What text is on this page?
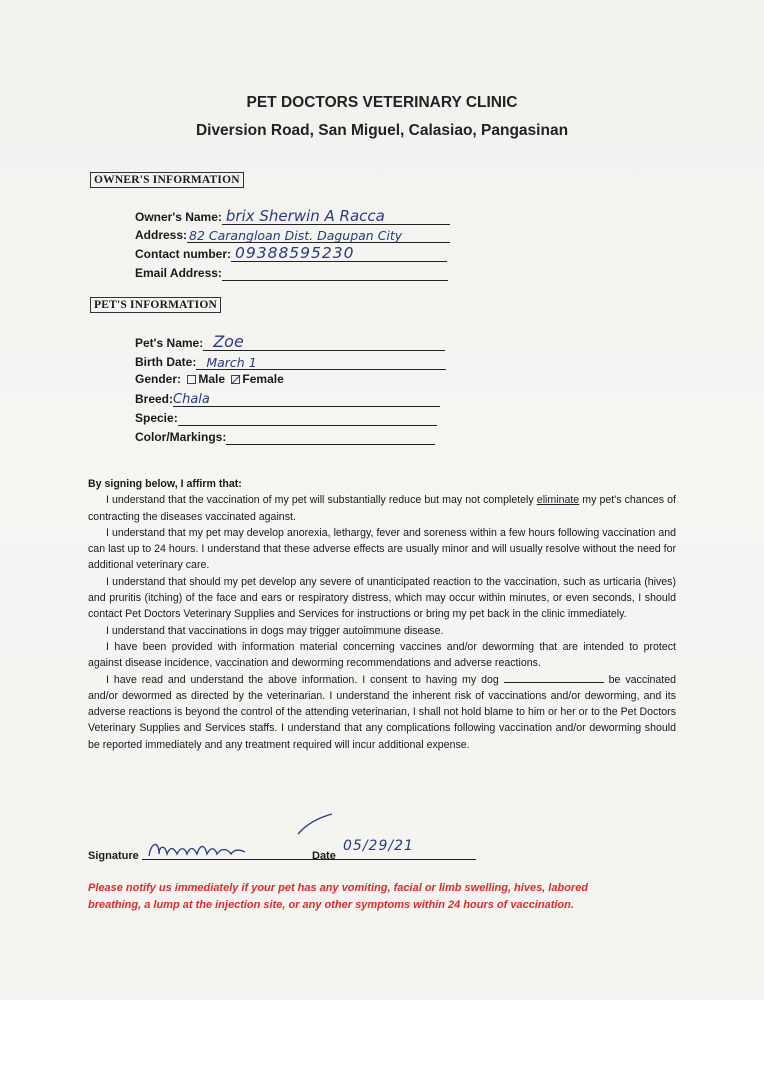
PET DOCTORS VETERINARY CLINIC
Diversion Road, San Miguel, Calasiao, Pangasinan
OWNER'S INFORMATION
Owner's Name: brix Sherwin A Racca
Address: 82 Carangloan Dist. Dagupan City
Contact number: 09388595230
Email Address:
PET'S INFORMATION
Pet's Name: Zoe
Birth Date: March 1
Gender: Male Female
Breed: Chala
Specie:
Color/Markings:
By signing below, I affirm that:

I understand that the vaccination of my pet will substantially reduce but may not completely eliminate my pet's chances of contracting the diseases vaccinated against.

I understand that my pet may develop anorexia, lethargy, fever and soreness within a few hours following vaccination and can last up to 24 hours. I understand that these adverse effects are usually minor and will usually resolve without the need for additional veterinary care.

I understand that should my pet develop any severe of unanticipated reaction to the vaccination, such as urticaria (hives) and pruritis (itching) of the face and ears or respiratory distress, which may occur within minutes, or even seconds, I should contact Pet Doctors Veterinary Supplies and Services for instructions or bring my pet back in the clinic immediately.

I understand that vaccinations in dogs may trigger autoimmune disease.

I have been provided with information material concerning vaccines and/or deworming that are intended to protect against disease incidence, vaccination and deworming recommendations and adverse reactions.

I have read and understand the above information. I consent to having my dog	be vaccinated and/or dewormed as directed by the veterinarian. I understand the inherent risk of vaccinations and/or deworming, and its adverse reactions is beyond the control of the attending veterinarian, I shall not hold blame to him or her or to the Pet Doctors Veterinary Supplies and Services staffs. I understand that any complications following vaccination and/or deworming should be reported immediately and any treatment required will incur additional expense.

Signature	Date
05/29/21
Please notify us immediately if your pet has any vomiting, facial or limb swelling, hives, labored breathing, a lump at the injection site, or any other symptoms within 24 hours of vaccination.
